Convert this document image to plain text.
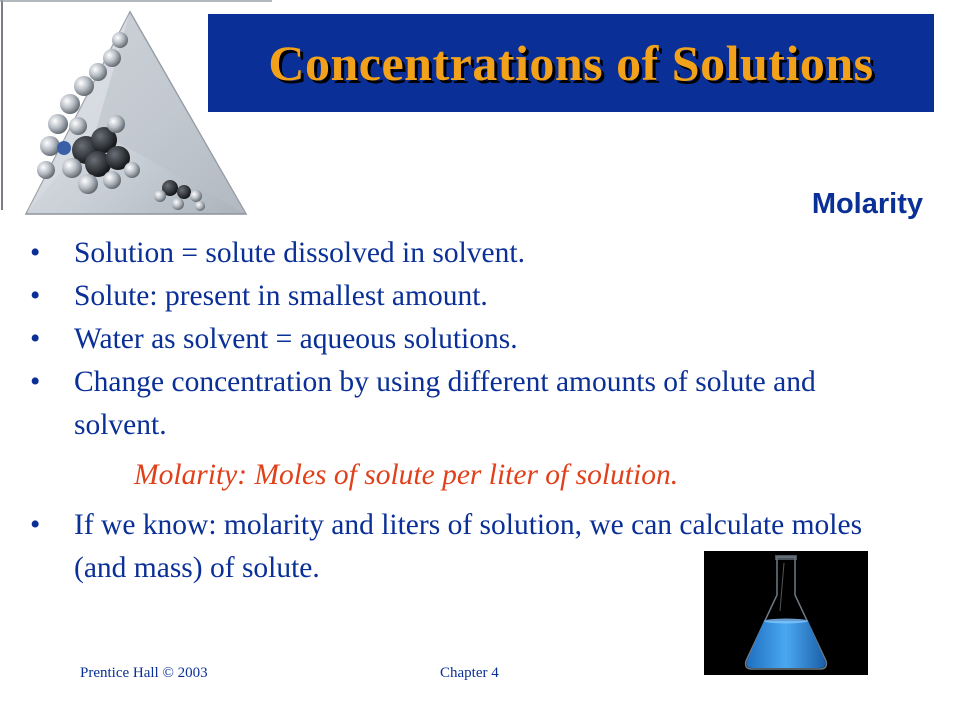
Concentrations of Solutions
Molarity
• Solution = solute dissolved in solvent.
• Solute: present in smallest amount.
• Water as solvent = aqueous solutions.
• Change concentration by using different amounts of solute and solvent.
Molarity: Moles of solute per liter of solution.
• If we know: molarity and liters of solution, we can calculate moles (and mass) of solute.
Prentice Hall © 2003	Chapter 4
